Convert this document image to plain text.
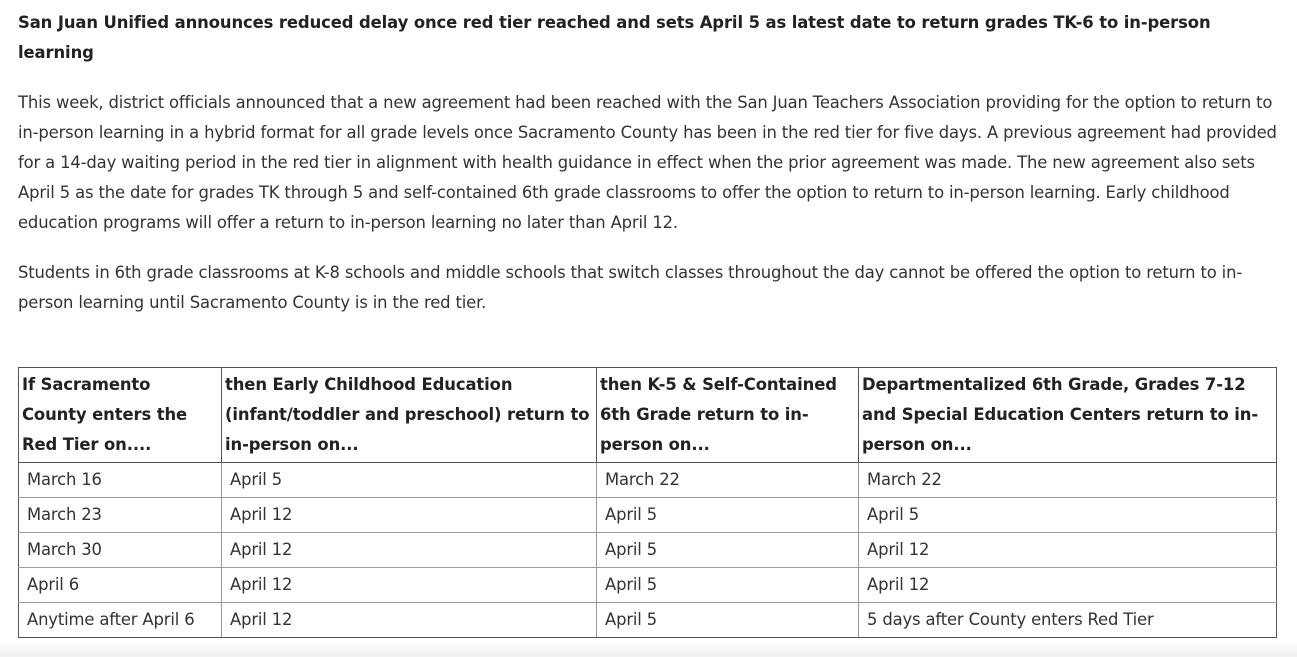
San Juan Unified announces reduced delay once red tier reached and sets April 5 as latest date to return grades TK-6 to in-person learning

This week, district officials announced that a new agreement had been reached with the San Juan Teachers Association providing for the option to return to in-person learning in a hybrid format for all grade levels once Sacramento County has been in the red tier for five days. A previous agreement had provided for a 14-day waiting period in the red tier in alignment with health guidance in effect when the prior agreement was made. The new agreement also sets April 5 as the date for grades TK through 5 and self-contained 6th grade classrooms to offer the option to return to in-person learning. Early childhood education programs will offer a return to in-person learning no later than April 12.

Students in 6th grade classrooms at K-8 schools and middle schools that switch classes throughout the day cannot be offered the option to return to in-person learning until Sacramento County is in the red tier.

If Sacramento County enters the Red Tier on....	then Early Childhood Education (infant/toddler and preschool) return to in-person on...	then K-5 & Self-Contained 6th Grade return to in-person on...	Departmentalized 6th Grade, Grades 7-12 and Special Education Centers return to in-person on...
March 16	April 5	March 22	March 22
March 23	April 12	April 5	April 5
March 30	April 12	April 5	April 12
April 6	April 12	April 5	April 12
Anytime after April 6	April 12	April 5	5 days after County enters Red Tier
